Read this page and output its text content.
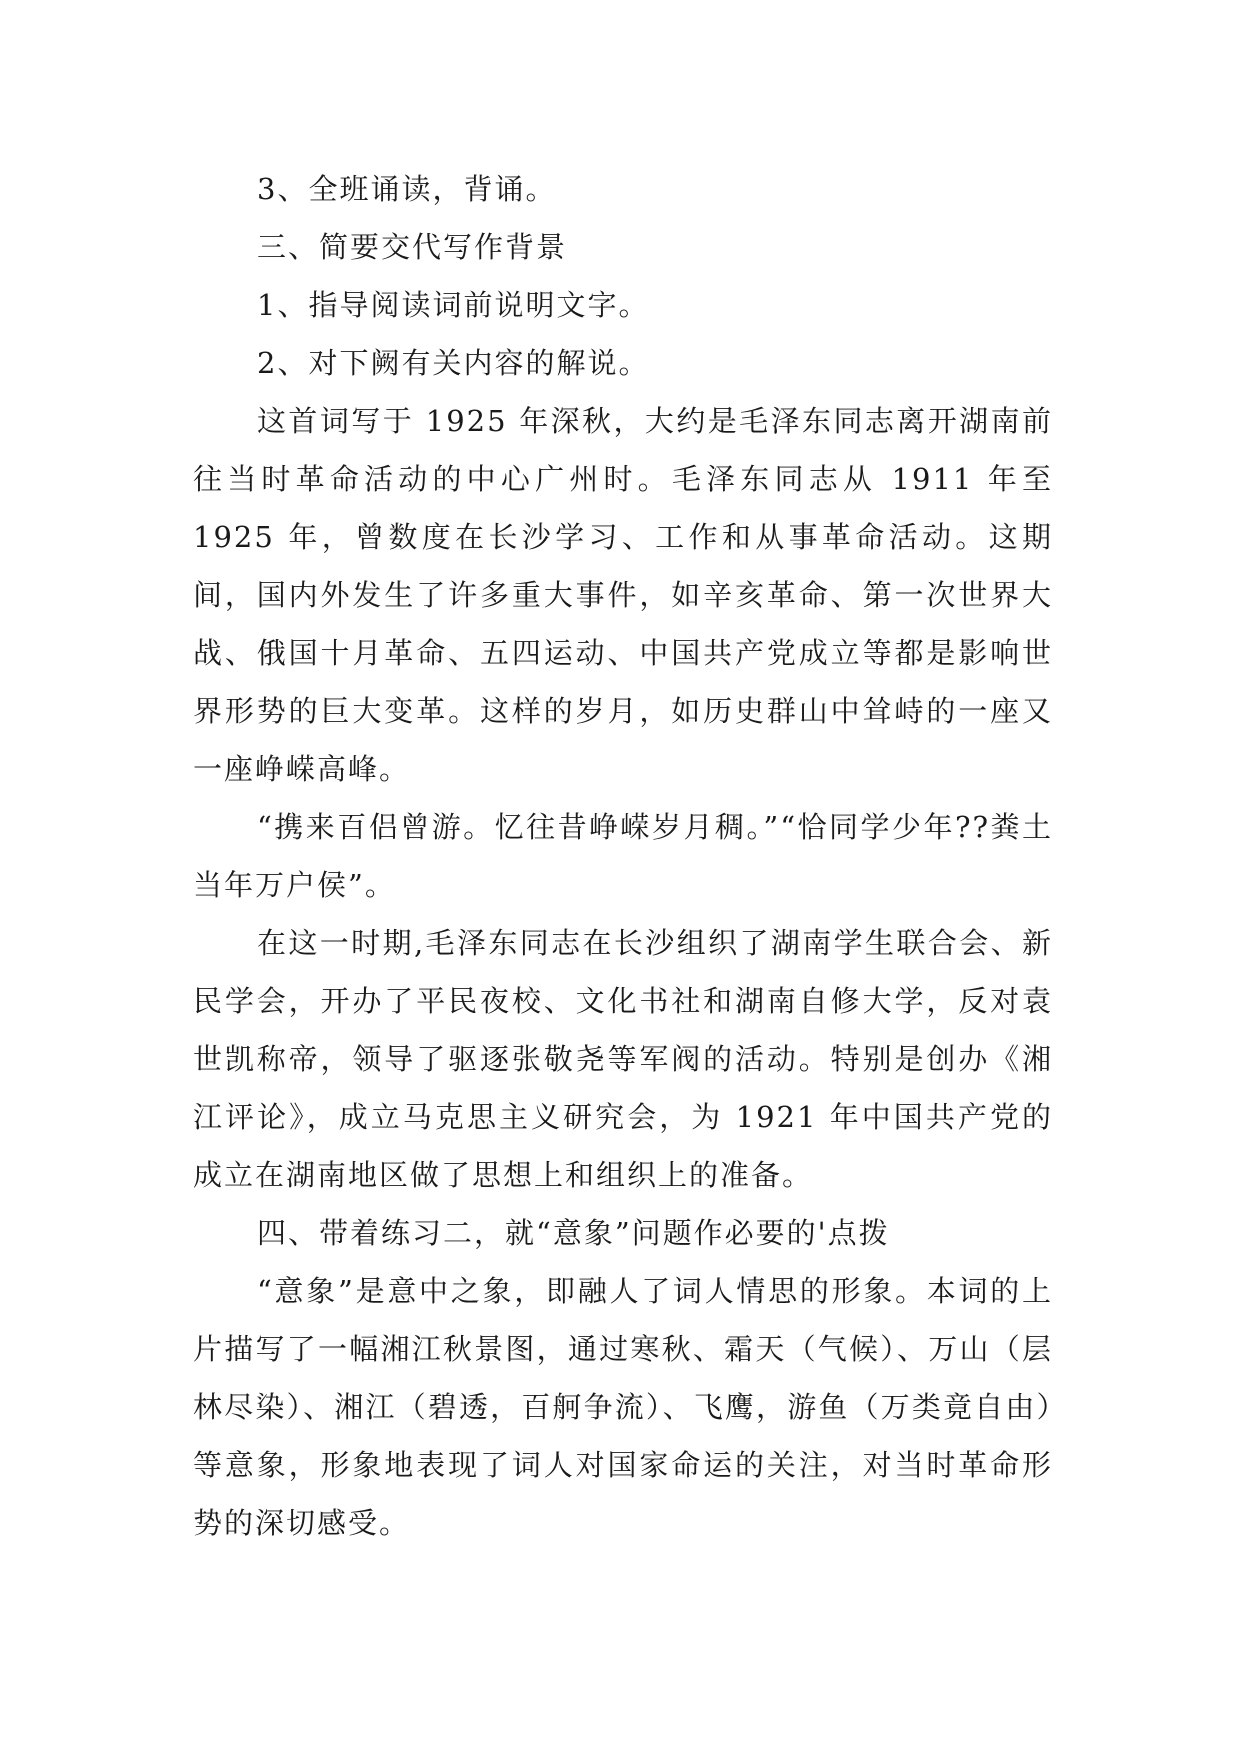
3、全班诵读，背诵。

三、简要交代写作背景

1、指导阅读词前说明文字。

2、对下阙有关内容的解说。

这首词写于 1925 年深秋，大约是毛泽东同志离开湖南前往当时革命活动的中心广州时。毛泽东同志从 1911 年至 1925 年，曾数度在长沙学习、工作和从事革命活动。这期间，国内外发生了许多重大事件，如辛亥革命、第一次世界大战、俄国十月革命、五四运动、中国共产党成立等都是影响世界形势的巨大变革。这样的岁月，如历史群山中耸峙的一座又一座峥嵘高峰。

“携来百侣曾游。忆往昔峥嵘岁月稠。”“恰同学少年??粪土当年万户侯”。

在这一时期,毛泽东同志在长沙组织了湖南学生联合会、新民学会，开办了平民夜校、文化书社和湖南自修大学，反对袁世凯称帝，领导了驱逐张敬尧等军阀的活动。特别是创办《湘江评论》，成立马克思主义研究会，为 1921 年中国共产党的成立在湖南地区做了思想上和组织上的准备。

四、带着练习二，就“意象”问题作必要的'点拨

“意象”是意中之象，即融人了词人情思的形象。本词的上片描写了一幅湘江秋景图，通过寒秋、霜天（气候）、万山（层林尽染）、湘江（碧透，百舸争流）、飞鹰，游鱼（万类竟自由）等意象，形象地表现了词人对国家命运的关注，对当时革命形势的深切感受。
